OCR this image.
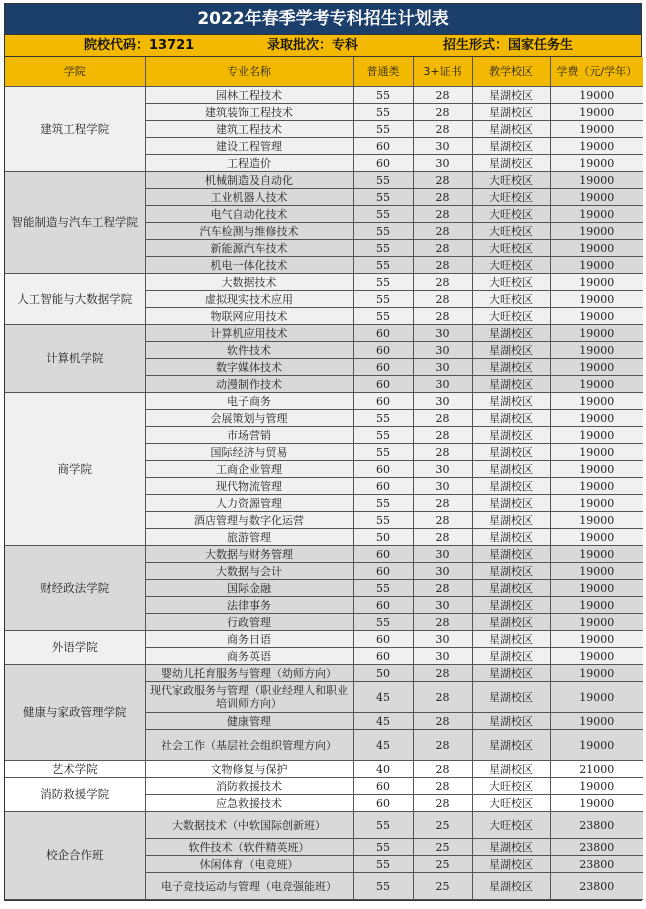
2022年春季学考专科招生计划表
院校代码：13721	录取批次：专科	招生形式：国家任务生
学院	专业名称	普通类	3+证书	教学校区	学费（元/学年）
建筑工程学院	园林工程技术	55	28	星湖校区	19000
	建筑装饰工程技术	55	28	星湖校区	19000
	建筑工程技术	55	28	星湖校区	19000
	建设工程管理	60	30	星湖校区	19000
	工程造价	60	30	星湖校区	19000
智能制造与汽车工程学院	机械制造及自动化	55	28	大旺校区	19000
	工业机器人技术	55	28	大旺校区	19000
	电气自动化技术	55	28	大旺校区	19000
	汽车检测与维修技术	55	28	大旺校区	19000
	新能源汽车技术	55	28	大旺校区	19000
	机电一体化技术	55	28	大旺校区	19000
人工智能与大数据学院	大数据技术	55	28	大旺校区	19000
	虚拟现实技术应用	55	28	大旺校区	19000
	物联网应用技术	55	28	大旺校区	19000
计算机学院	计算机应用技术	60	30	星湖校区	19000
	软件技术	60	30	星湖校区	19000
	数字媒体技术	60	30	星湖校区	19000
	动漫制作技术	60	30	星湖校区	19000
商学院	电子商务	60	30	星湖校区	19000
	会展策划与管理	55	28	星湖校区	19000
	市场营销	55	28	星湖校区	19000
	国际经济与贸易	55	28	星湖校区	19000
	工商企业管理	60	30	星湖校区	19000
	现代物流管理	60	30	星湖校区	19000
	人力资源管理	55	28	星湖校区	19000
	酒店管理与数字化运营	55	28	星湖校区	19000
	旅游管理	50	28	星湖校区	19000
财经政法学院	大数据与财务管理	60	30	星湖校区	19000
	大数据与会计	60	30	星湖校区	19000
	国际金融	55	28	星湖校区	19000
	法律事务	60	30	星湖校区	19000
	行政管理	55	28	星湖校区	19000
外语学院	商务日语	60	30	星湖校区	19000
	商务英语	60	30	星湖校区	19000
健康与家政管理学院	婴幼儿托育服务与管理（幼师方向）	50	28	星湖校区	19000
	现代家政服务与管理（职业经理人和职业培训师方向）	45	28	星湖校区	19000
	健康管理	45	28	星湖校区	19000
	社会工作（基层社会组织管理方向）	45	28	星湖校区	19000
艺术学院	文物修复与保护	40	28	星湖校区	21000
消防救援学院	消防救援技术	60	28	大旺校区	19000
	应急救援技术	60	28	大旺校区	19000
校企合作班	大数据技术（中软国际创新班）	55	25	大旺校区	23800
	软件技术（软件精英班）	55	25	星湖校区	23800
	休闲体育（电竞班）	55	25	星湖校区	23800
	电子竞技运动与管理（电竞强能班）	55	25	星湖校区	23800
